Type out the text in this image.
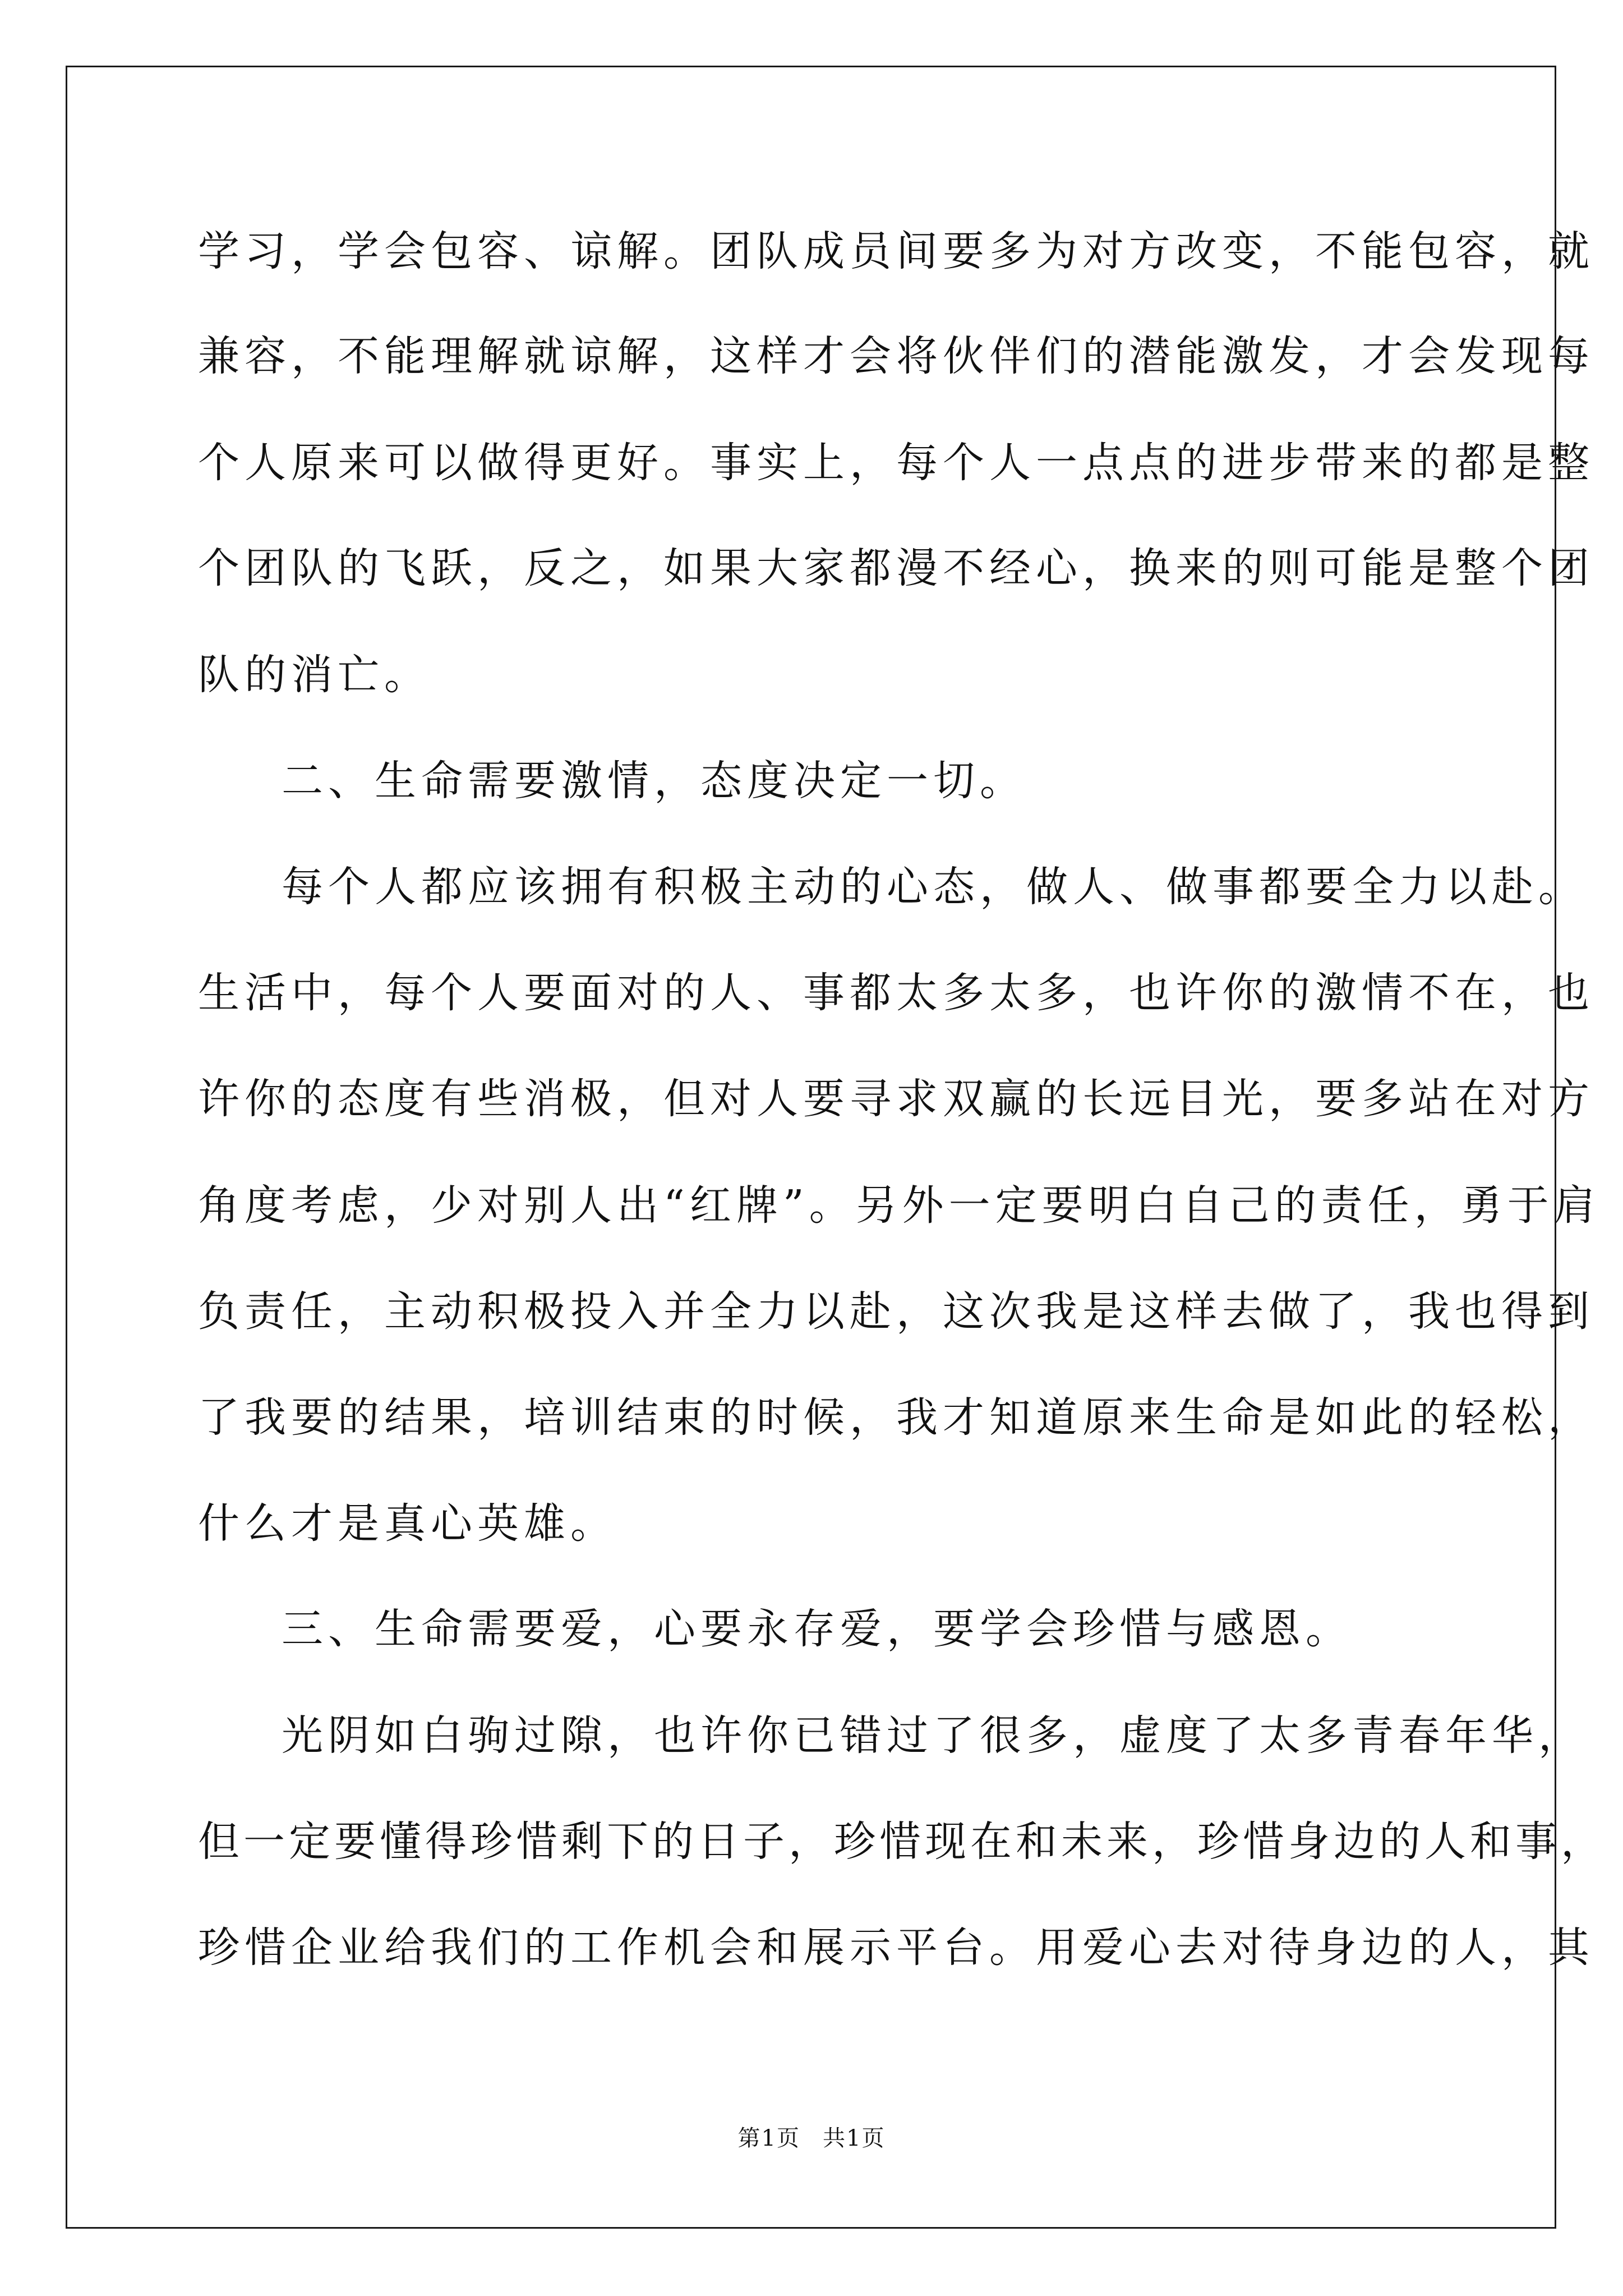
学习，学会包容、谅解。团队成员间要多为对方改变，不能包容，就
兼容，不能理解就谅解，这样才会将伙伴们的潜能激发，才会发现每
个人原来可以做得更好。事实上，每个人一点点的进步带来的都是整
个团队的飞跃，反之，如果大家都漫不经心，换来的则可能是整个团
队的消亡。
二、生命需要激情，态度决定一切。
每个人都应该拥有积极主动的心态，做人、做事都要全力以赴。
生活中，每个人要面对的人、事都太多太多，也许你的激情不在，也
许你的态度有些消极，但对人要寻求双赢的长远目光，要多站在对方
角度考虑，少对别人出“红牌”。另外一定要明白自己的责任，勇于肩
负责任，主动积极投入并全力以赴，这次我是这样去做了，我也得到
了我要的结果，培训结束的时候，我才知道原来生命是如此的轻松，
什么才是真心英雄。
三、生命需要爱，心要永存爱，要学会珍惜与感恩。
光阴如白驹过隙，也许你已错过了很多，虚度了太多青春年华，
但一定要懂得珍惜剩下的日子，珍惜现在和未来，珍惜身边的人和事，
珍惜企业给我们的工作机会和展示平台。用爱心去对待身边的人，其
第1页 共1页
